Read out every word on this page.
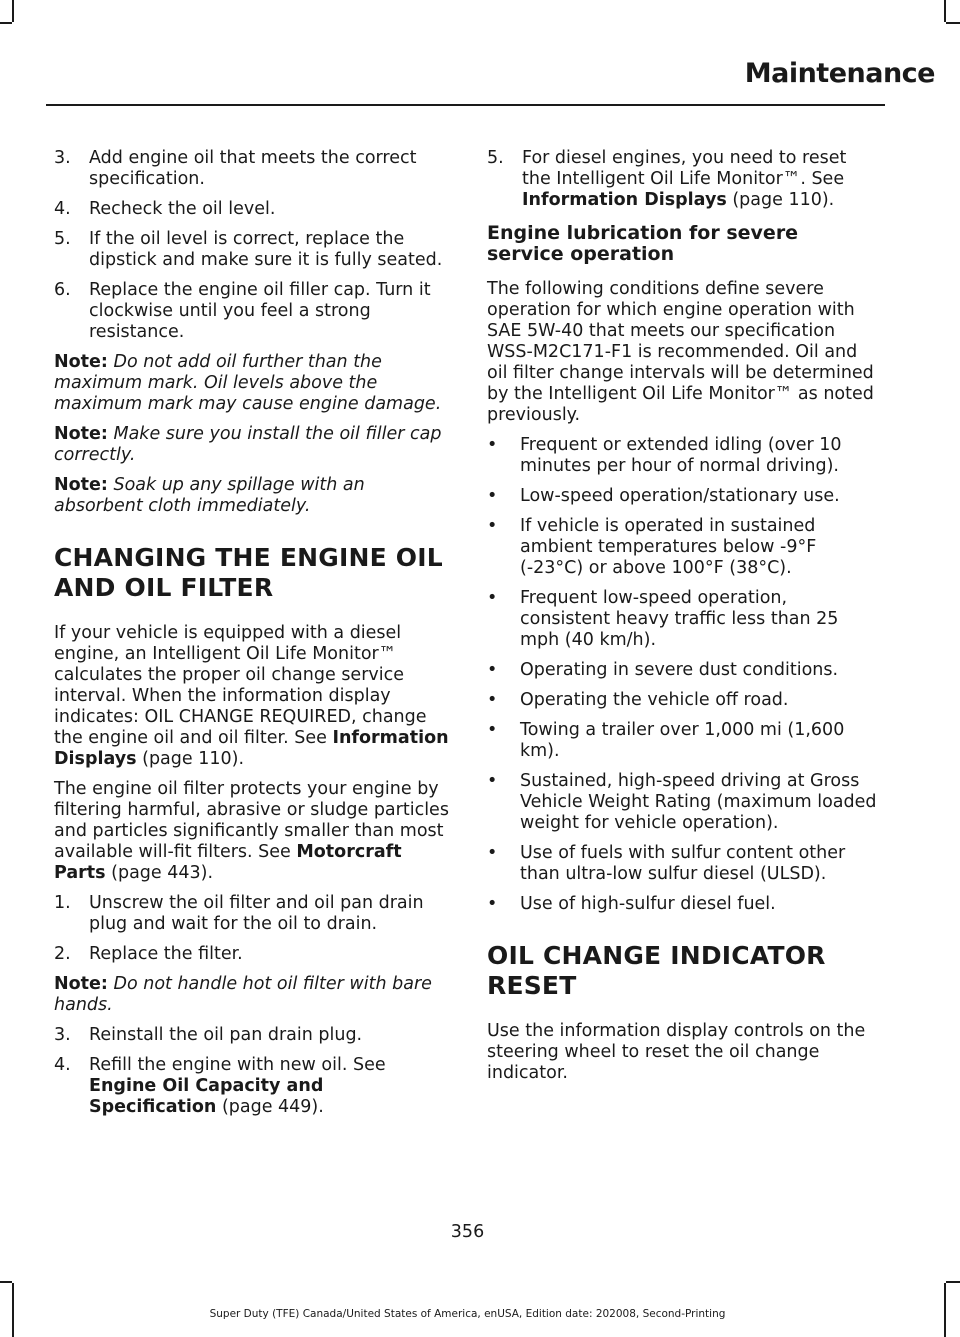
Maintenance
3. Add engine oil that meets the correct specification.
4. Recheck the oil level.
5. If the oil level is correct, replace the dipstick and make sure it is fully seated.
6. Replace the engine oil filler cap. Turn it clockwise until you feel a strong resistance.
Note: Do not add oil further than the maximum mark. Oil levels above the maximum mark may cause engine damage.
Note: Make sure you install the oil filler cap correctly.
Note: Soak up any spillage with an absorbent cloth immediately.
CHANGING THE ENGINE OIL AND OIL FILTER
If your vehicle is equipped with a diesel engine, an Intelligent Oil Life Monitor™ calculates the proper oil change service interval. When the information display indicates: OIL CHANGE REQUIRED, change the engine oil and oil filter. See Information Displays (page 110).
The engine oil filter protects your engine by filtering harmful, abrasive or sludge particles and particles significantly smaller than most available will-fit filters. See Motorcraft Parts (page 443).
1. Unscrew the oil filter and oil pan drain plug and wait for the oil to drain.
2. Replace the filter.
Note: Do not handle hot oil filter with bare hands.
3. Reinstall the oil pan drain plug.
4. Refill the engine with new oil. See Engine Oil Capacity and Specification (page 449).
5. For diesel engines, you need to reset the Intelligent Oil Life Monitor™. See Information Displays (page 110).
Engine lubrication for severe service operation
The following conditions define severe operation for which engine operation with SAE 5W-40 that meets our specification WSS-M2C171-F1 is recommended. Oil and oil filter change intervals will be determined by the Intelligent Oil Life Monitor™ as noted previously.
• Frequent or extended idling (over 10 minutes per hour of normal driving).
• Low-speed operation/stationary use.
• If vehicle is operated in sustained ambient temperatures below -9°F (-23°C) or above 100°F (38°C).
• Frequent low-speed operation, consistent heavy traffic less than 25 mph (40 km/h).
• Operating in severe dust conditions.
• Operating the vehicle off road.
• Towing a trailer over 1,000 mi (1,600 km).
• Sustained, high-speed driving at Gross Vehicle Weight Rating (maximum loaded weight for vehicle operation).
• Use of fuels with sulfur content other than ultra-low sulfur diesel (ULSD).
• Use of high-sulfur diesel fuel.
OIL CHANGE INDICATOR RESET
Use the information display controls on the steering wheel to reset the oil change indicator.
356
Super Duty (TFE) Canada/United States of America, enUSA, Edition date: 202008, Second-Printing
